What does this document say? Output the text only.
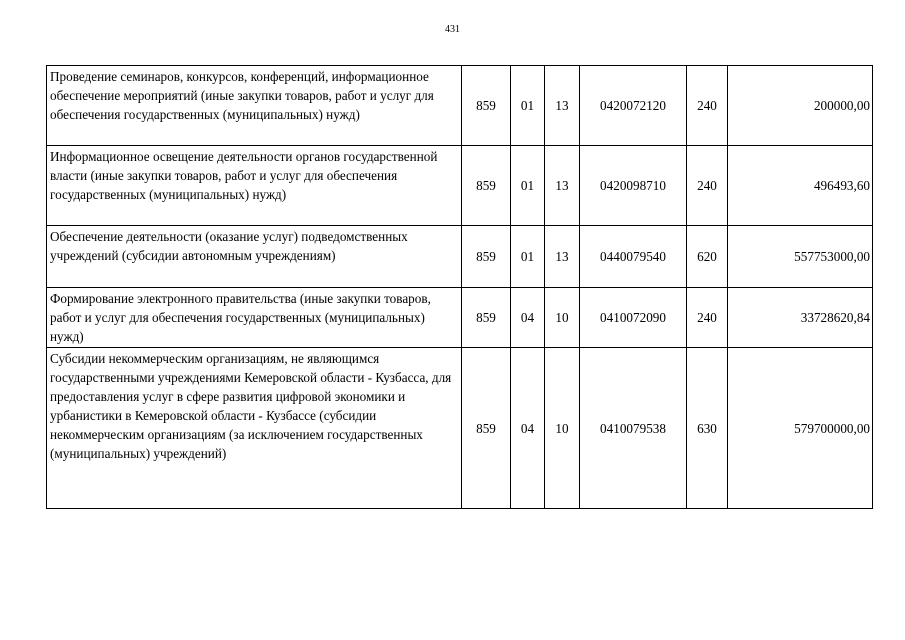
431
Проведение семинаров, конкурсов, конференций, информационное обеспечение мероприятий (иные закупки товаров, работ и услуг для обеспечения государственных (муниципальных) нужд)	859	01	13	0420072120	240	200000,00

Информационное освещение деятельности органов государственной власти (иные закупки товаров, работ и услуг для обеспечения государственных (муниципальных) нужд)	859	01	13	0420098710	240	496493,60

Обеспечение деятельности (оказание услуг) подведомственных учреждений (субсидии автономным учреждениям)	859	01	13	0440079540	620	557753000,00

Формирование электронного правительства (иные закупки товаров, работ и услуг для обеспечения государственных (муниципальных) нужд)	859	04	10	0410072090	240	33728620,84

Субсидии некоммерческим организациям, не являющимся государственными учреждениями Кемеровской области - Кузбасса, для предоставления услуг в сфере развития цифровой экономики и урбанистики в Кемеровской области - Кузбассе (субсидии некоммерческим организациям (за исключением государственных (муниципальных) учреждений)	859	04	10	0410079538	630	579700000,00
